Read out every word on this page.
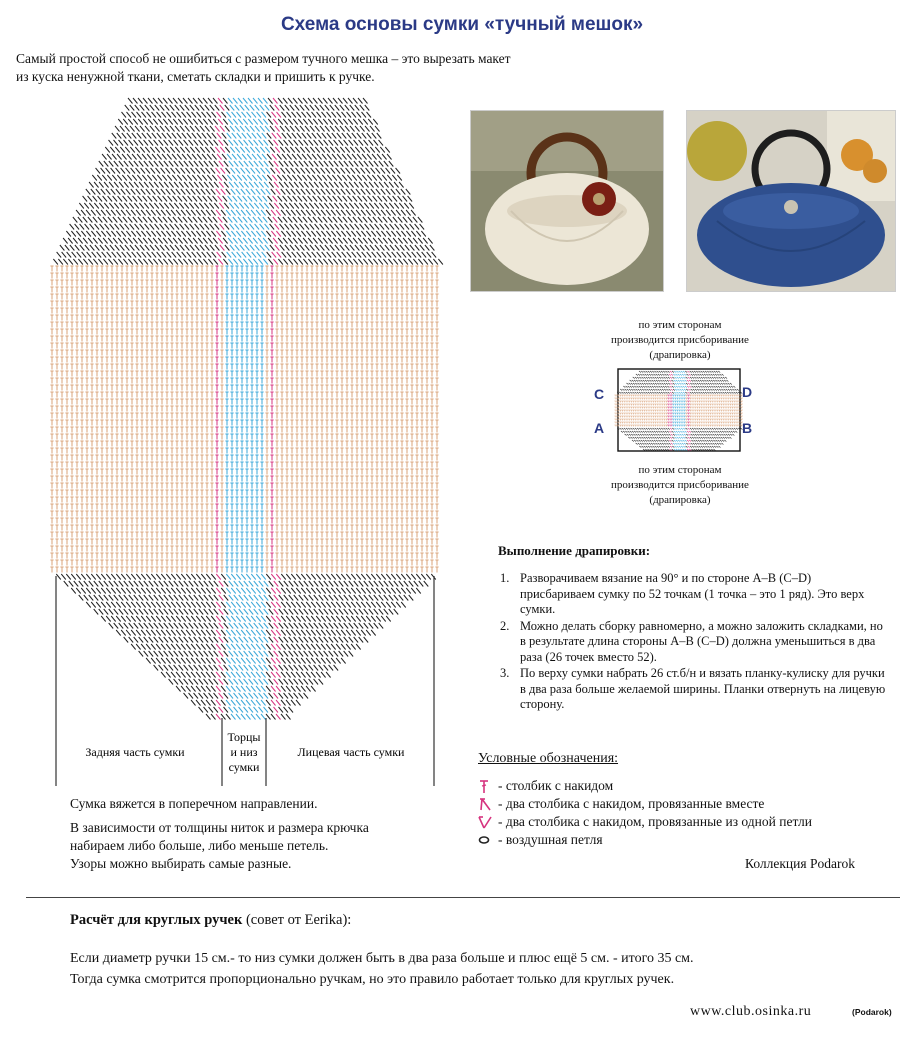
Схема основы сумки «тучный мешок»
Самый простой способ не ошибиться с размером тучного мешка – это вырезать макет из куска ненужной ткани, сметать складки и пришить к ручке.
Задняя часть сумки
Торцы
и низ
сумки
Лицевая часть сумки
по этим сторонам
производится присборивание
(драпировка)
C	D
A	B
по этим сторонам
производится присборивание
(драпировка)
Выполнение драпировки:
1. Разворачиваем вязание на 90° и по стороне А–В (С–D) присбариваем сумку по 52 точкам (1 точка – это 1 ряд). Это верх сумки.
2. Можно делать сборку равномерно, а можно заложить складками, но в результате длина стороны А–В (С–D) должна уменьшиться в два раза (26 точек вместо 52).
3. По верху сумки набрать 26 ст.б/н и вязать планку-кулиску для ручки в два раза больше желаемой ширины. Планки отвернуть на лицевую сторону.
Условные обозначения:
- столбик с накидом
- два столбика с накидом, провязанные вместе
- два столбика с накидом, провязанные из одной петли
- воздушная петля
Коллекция Podarok
Сумка вяжется в поперечном направлении.
В зависимости от толщины ниток и размера крючка
набираем либо больше, либо меньше петель.
Узоры можно выбирать самые разные.
Расчёт для круглых ручек (совет от Eerika):
Если диаметр ручки 15 см.- то низ сумки должен быть в два раза больше и плюс ещё 5 см. - итого 35 см.
Тогда сумка смотрится пропорционально ручкам, но это правило работает только для круглых ручек.
www.club.osinka.ru	(Podarok)
